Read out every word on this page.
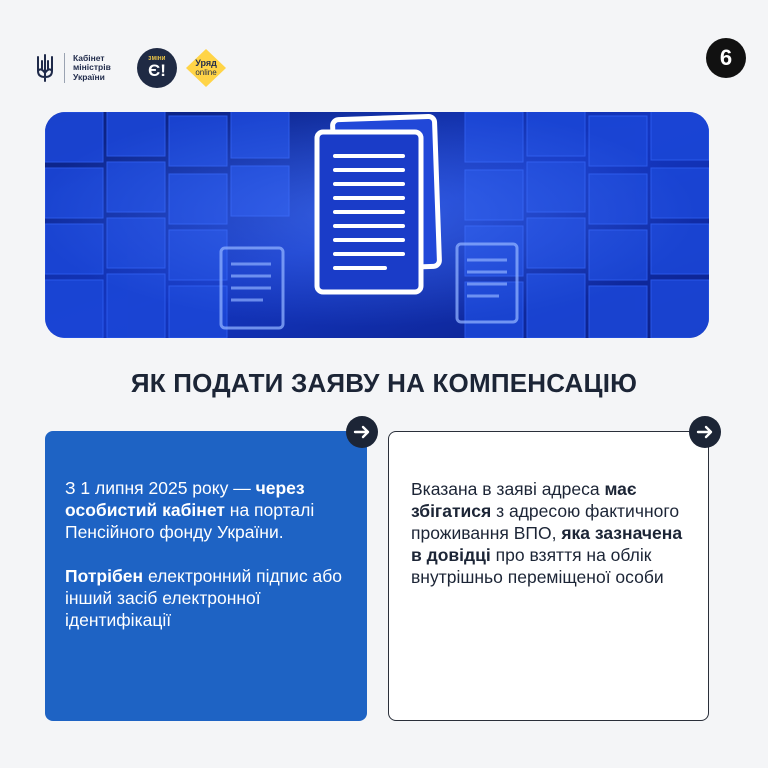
Кабінет міністрів України
ЗМІНИ
Є!	Уряд
online
6
ЯК ПОДАТИ ЗАЯВУ НА КОМПЕНСАЦІЮ

З 1 липня 2025 року — через особистий кабінет на порталі Пенсійного фонду України.

Потрібен електронний підпис або інший засіб електронної ідентифікації

Вказана в заяві адреса має збігатися з адресою фактичного проживання ВПО, яка зазначена в довідці про взяття на облік внутрішньо переміщеної особи
